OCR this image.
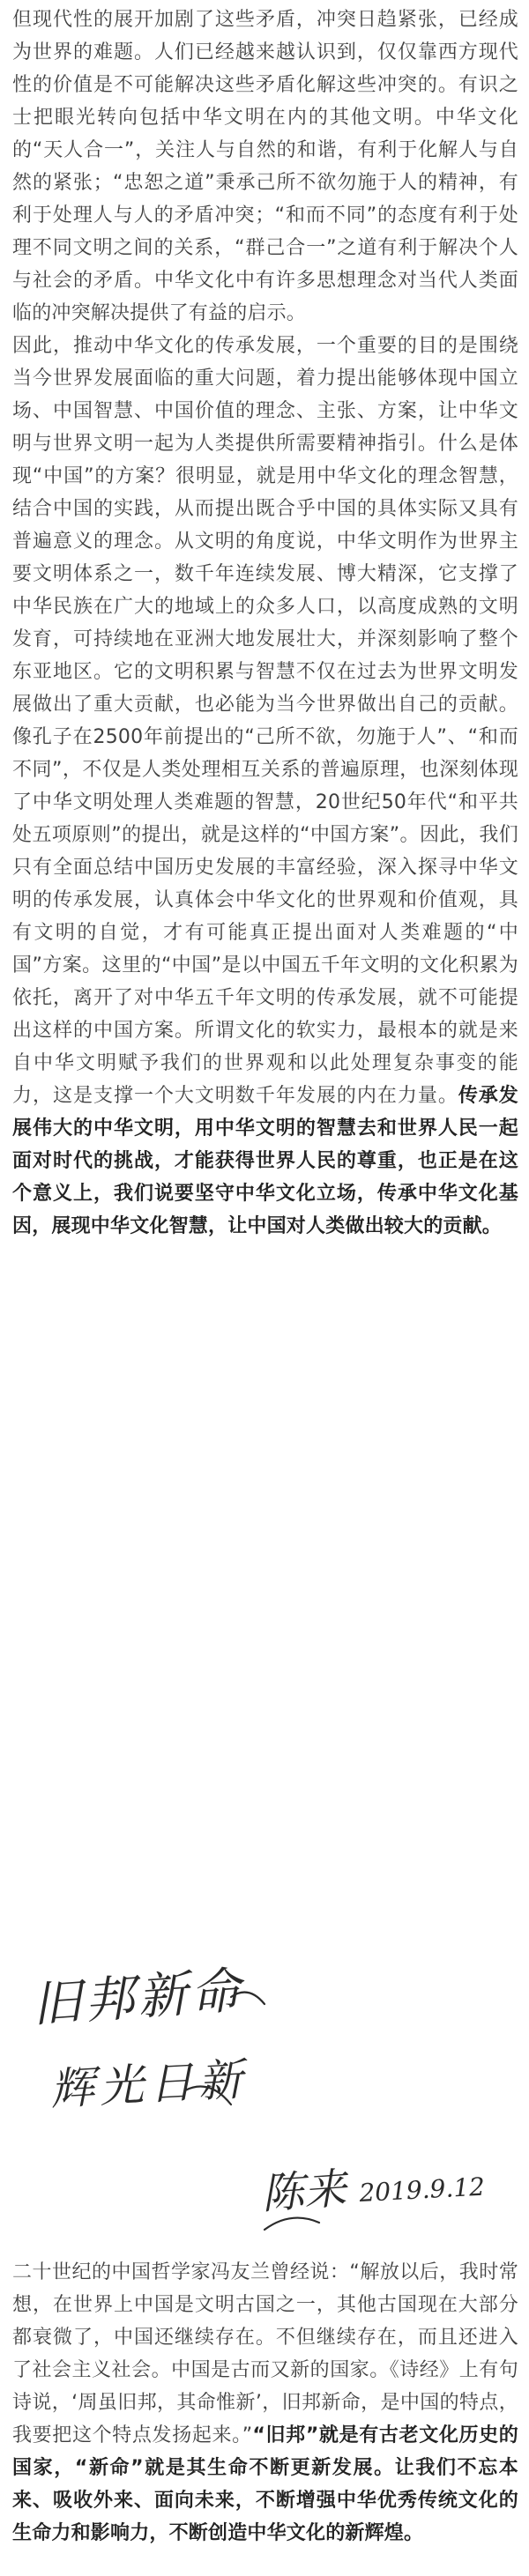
但现代性的展开加剧了这些矛盾，冲突日趋紧张，已经成为世界的难题。人们已经越来越认识到，仅仅靠西方现代性的价值是不可能解决这些矛盾化解这些冲突的。有识之士把眼光转向包括中华文明在内的其他文明。中华文化的“天人合一”，关注人与自然的和谐，有利于化解人与自然的紧张；“忠恕之道”秉承己所不欲勿施于人的精神，有利于处理人与人的矛盾冲突；“和而不同”的态度有利于处理不同文明之间的关系，“群己合一”之道有利于解决个人与社会的矛盾。中华文化中有许多思想理念对当代人类面临的冲突解决提供了有益的启示。

因此，推动中华文化的传承发展，一个重要的目的是围绕当今世界发展面临的重大问题，着力提出能够体现中国立场、中国智慧、中国价值的理念、主张、方案，让中华文明与世界文明一起为人类提供所需要精神指引。什么是体现“中国”的方案？很明显，就是用中华文化的理念智慧，结合中国的实践，从而提出既合乎中国的具体实际又具有普遍意义的理念。从文明的角度说，中华文明作为世界主要文明体系之一，数千年连续发展、博大精深，它支撑了中华民族在广大的地域上的众多人口，以高度成熟的文明发育，可持续地在亚洲大地发展壮大，并深刻影响了整个东亚地区。它的文明积累与智慧不仅在过去为世界文明发展做出了重大贡献，也必能为当今世界做出自己的贡献。像孔子在2500年前提出的“己所不欲，勿施于人”、“和而不同”，不仅是人类处理相互关系的普遍原理，也深刻体现了中华文明处理人类难题的智慧，20世纪50年代“和平共处五项原则”的提出，就是这样的“中国方案”。因此，我们只有全面总结中国历史发展的丰富经验，深入探寻中华文明的传承发展，认真体会中华文化的世界观和价值观，具有文明的自觉，才有可能真正提出面对人类难题的“中国”方案。这里的“中国”是以中国五千年文明的文化积累为依托，离开了对中华五千年文明的传承发展，就不可能提出这样的中国方案。所谓文化的软实力，最根本的就是来自中华文明赋予我们的世界观和以此处理复杂事变的能力，这是支撑一个大文明数千年发展的内在力量。传承发展伟大的中华文明，用中华文明的智慧去和世界人民一起面对时代的挑战，才能获得世界人民的尊重，也正是在这个意义上，我们说要坚守中华文化立场，传承中华文化基因，展现中华文化智慧，让中国对人类做出较大的贡献。

旧邦新命
辉光日新
陈来 2019.9.12

二十世纪的中国哲学家冯友兰曾经说：“解放以后，我时常想，在世界上中国是文明古国之一，其他古国现在大部分都衰微了，中国还继续存在。不但继续存在，而且还进入了社会主义社会。中国是古而又新的国家。《诗经》上有句诗说，‘周虽旧邦，其命惟新’，旧邦新命，是中国的特点，我要把这个特点发扬起来。”“旧邦”就是有古老文化历史的国家，“新命”就是其生命不断更新发展。让我们不忘本来、吸收外来、面向未来，不断增强中华优秀传统文化的生命力和影响力，不断创造中华文化的新辉煌。
